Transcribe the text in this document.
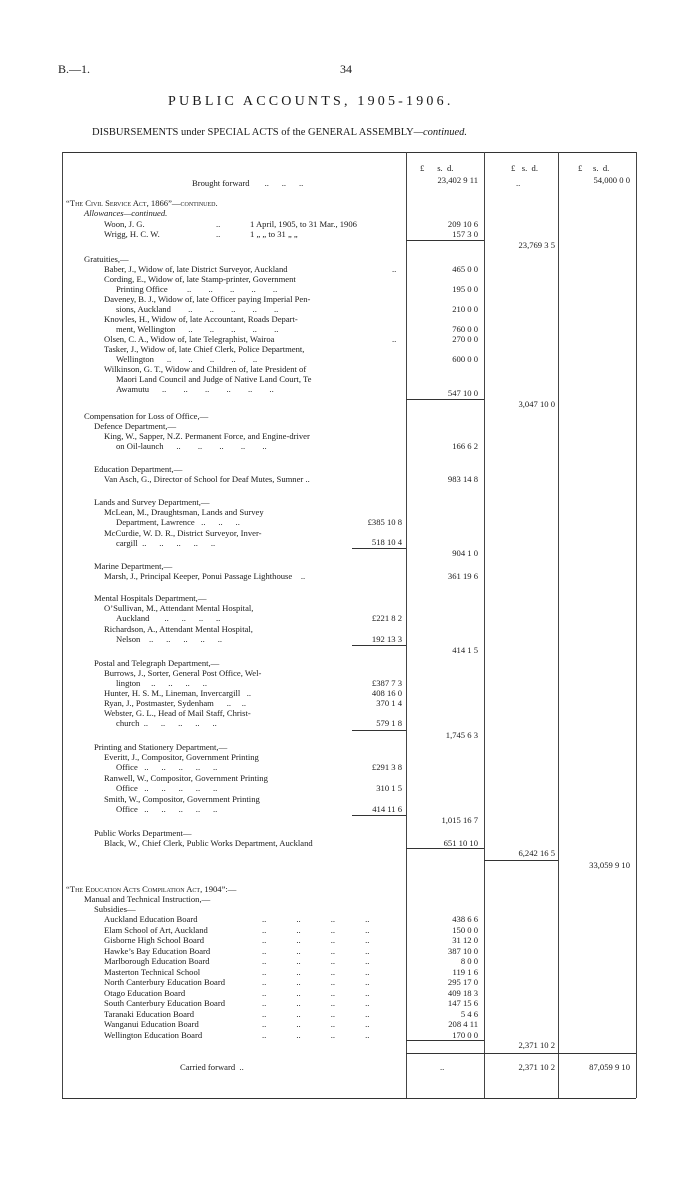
B.—1.	34
PUBLIC ACCOUNTS, 1905-1906.
DISBURSEMENTS under SPECIAL ACTS of the GENERAL ASSEMBLY—continued.
£ s. d.	£ s. d.	£ s. d.
Brought forward       ..      ..      ..	23,402 9 11	..	54,000 0 0
“The Civil Service Act, 1866”—continued.
Allowances—continued.
Woon, J. G.	..	1 April, 1905, to 31 Mar., 1906	209 10 6
Wrigg, H. C. W.	..	1 „ „ to 31 „ „	157 3 0
23,769 3 5
Gratuities,—
Baber, J., Widow of, late District Surveyor, Auckland	..	465 0 0
Cording, E., Widow of, late Stamp-printer, Government
Printing Office         ..        ..        ..        ..        ..	195 0 0
Daveney, B. J., Widow of, late Officer paying Imperial Pen-
sions, Auckland        ..        ..        ..        ..        ..	210 0 0
Knowles, H., Widow of, late Accountant, Roads Depart-
ment, Wellington      ..        ..        ..        ..        ..	760 0 0
Olsen, C. A., Widow of, late Telegraphist, Wairoa	..	270 0 0
Tasker, J., Widow of, late Chief Clerk, Police Department,
Wellington      ..        ..        ..        ..        ..	600 0 0
Wilkinson, G. T., Widow and Children of, late President of
Maori Land Council and Judge of Native Land Court, Te
Awamutu      ..        ..        ..        ..        ..        ..	547 10 0
3,047 10 0
Compensation for Loss of Office,—
Defence Department,—
King, W., Sapper, N.Z. Permanent Force, and Engine-driver
on Oil-launch      ..        ..        ..        ..        ..	166 6 2
Education Department,—
Van Asch, G., Director of School for Deaf Mutes, Sumner ..	983 14 8
Lands and Survey Department,—
McLean, M., Draughtsman, Lands and Survey
Department, Lawrence   ..      ..      ..	£385 10 8
McCurdie, W. D. R., District Surveyor, Inver-
cargill  ..      ..      ..      ..      ..	518 10 4
904 1 0
Marine Department,—
Marsh, J., Principal Keeper, Ponui Passage Lighthouse    ..	361 19 6
Mental Hospitals Department,—
O’Sullivan, M., Attendant Mental Hospital,
Auckland       ..      ..      ..      ..	£221 8 2
Richardson, A., Attendant Mental Hospital,
Nelson    ..      ..      ..      ..      ..	192 13 3
414 1 5
Postal and Telegraph Department,—
Burrows, J., Sorter, General Post Office, Wel-
lington     ..      ..      ..      ..	£387 7 3
Hunter, H. S. M., Lineman, Invercargill   ..	408 16 0
Ryan, J., Postmaster, Sydenham      ..     ..	370 1 4
Webster, G. L., Head of Mail Staff, Christ-
church  ..      ..      ..      ..      ..	579 1 8
1,745 6 3
Printing and Stationery Department,—
Everitt, J., Compositor, Government Printing
Office   ..      ..      ..      ..      ..	£291 3 8
Ranwell, W., Compositor, Government Printing
Office   ..      ..      ..      ..      ..	310 1 5
Smith, W., Compositor, Government Printing
Office   ..      ..      ..      ..      ..	414 11 6
1,015 16 7
Public Works Department—
Black, W., Chief Clerk, Public Works Department, Auckland	651 10 10
6,242 16 5
33,059 9 10
“The Education Acts Compilation Act, 1904”:—
Manual and Technical Instruction,—
Subsidies—
Auckland Education Board	..              ..              ..              ..	438 6 6
Elam School of Art, Auckland	..              ..              ..              ..	150 0 0
Gisborne High School Board	..              ..              ..              ..	31 12 0
Hawke’s Bay Education Board	..              ..              ..              ..	387 10 0
Marlborough Education Board	..              ..              ..              ..	8 0 0
Masterton Technical School	..              ..              ..              ..	119 1 6
North Canterbury Education Board	..              ..              ..              ..	295 17 0
Otago Education Board	..              ..              ..              ..	409 18 3
South Canterbury Education Board	..              ..              ..              ..	147 15 6
Taranaki Education Board	..              ..              ..              ..	5 4 6
Wanganui Education Board	..              ..              ..              ..	208 4 11
Wellington Education Board	..              ..              ..              ..	170 0 0
2,371 10 2
Carried forward  ..	..	2,371 10 2	87,059 9 10
